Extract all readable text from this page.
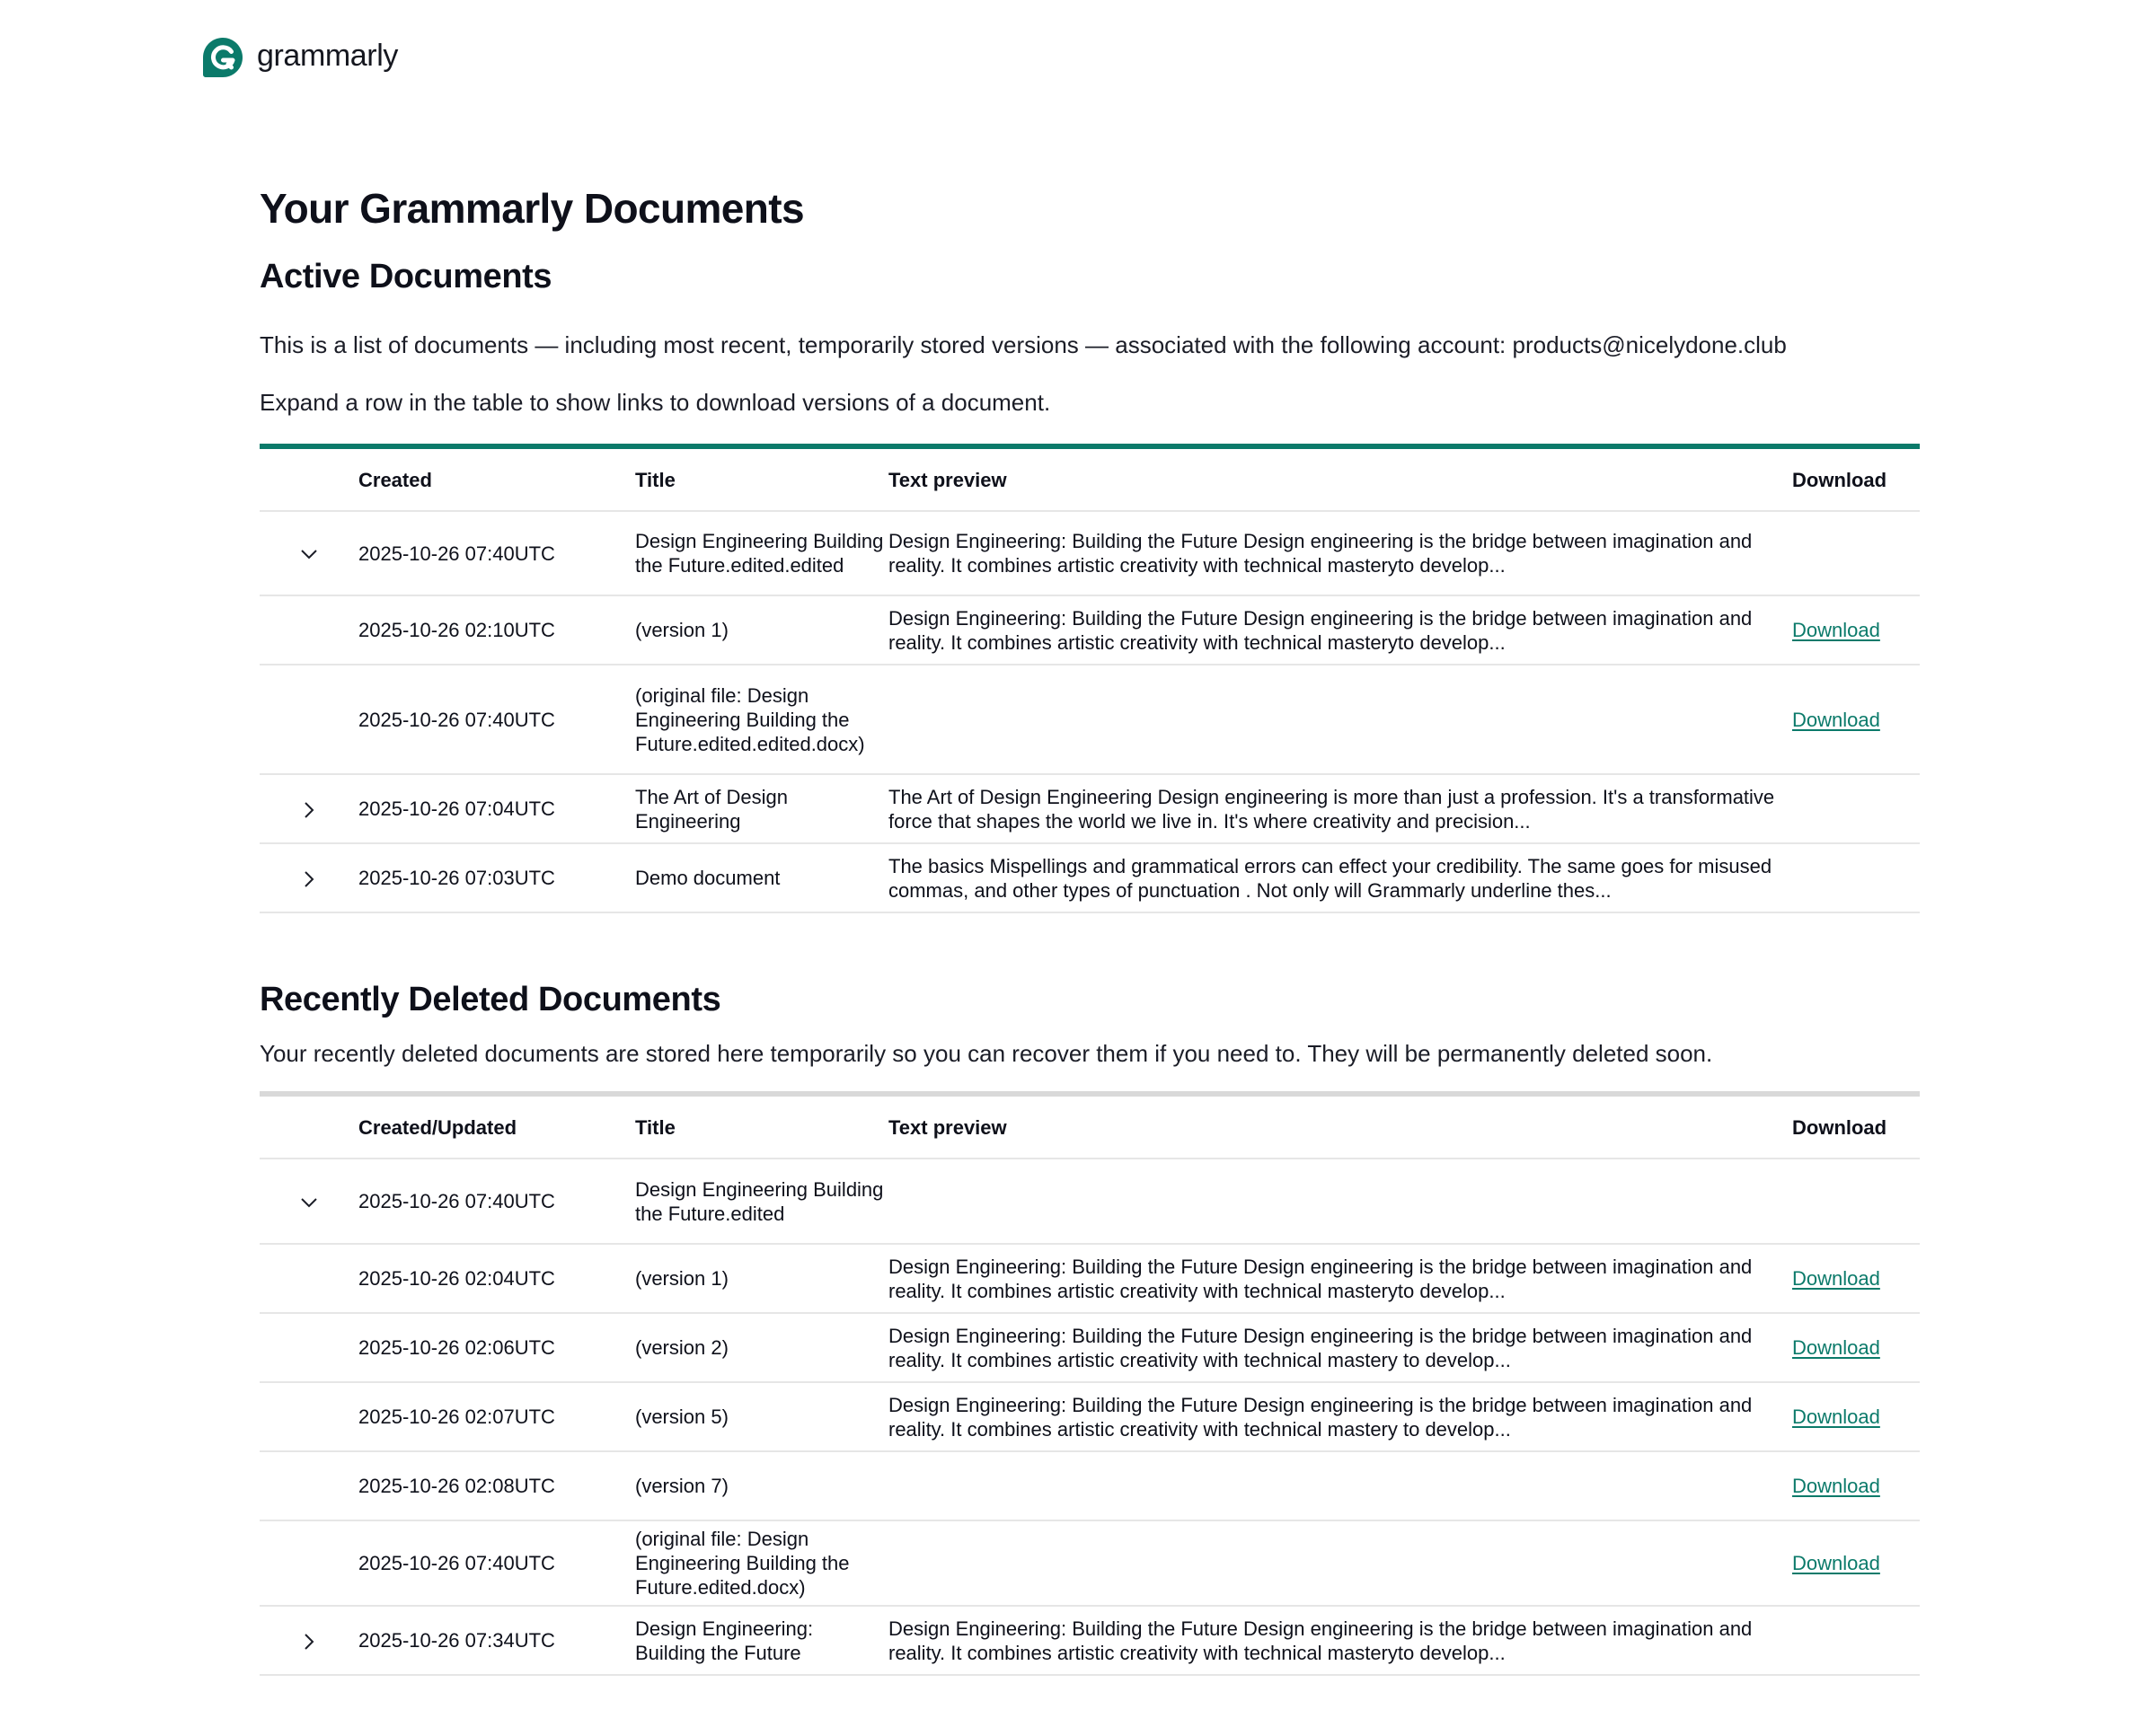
grammarly
Your Grammarly Documents
Active Documents

This is a list of documents — including most recent, temporarily stored versions — associated with the following account: products@nicelydone.club

Expand a row in the table to show links to download versions of a document.

	Created	Title	Text preview	Download
	2025-10-26 07:40UTC	Design Engineering Building the Future.edited.edited	Design Engineering: Building the Future Design engineering is the bridge between imagination and reality. It combines artistic creativity with technical masteryto develop...	
	2025-10-26 02:10UTC	(version 1)	Design Engineering: Building the Future Design engineering is the bridge between imagination and reality. It combines artistic creativity with technical masteryto develop...	Download
	2025-10-26 07:40UTC	(original file: Design Engineering Building the Future.edited.edited.docx)		Download
	2025-10-26 07:04UTC	The Art of Design Engineering	The Art of Design Engineering Design engineering is more than just a profession. It's a transformative force that shapes the world we live in. It's where creativity and precision...	
	2025-10-26 07:03UTC	Demo document	The basics Mispellings and grammatical errors can effect your credibility. The same goes for misused commas, and other types of punctuation . Not only will Grammarly underline thes...	
Recently Deleted Documents

Your recently deleted documents are stored here temporarily so you can recover them if you need to. They will be permanently deleted soon.

	Created/Updated	Title	Text preview	Download
	2025-10-26 07:40UTC	Design Engineering Building the Future.edited		
	2025-10-26 02:04UTC	(version 1)	Design Engineering: Building the Future Design engineering is the bridge between imagination and reality. It combines artistic creativity with technical masteryto develop...	Download
	2025-10-26 02:06UTC	(version 2)	Design Engineering: Building the Future Design engineering is the bridge between imagination and reality. It combines artistic creativity with technical mastery to develop...	Download
	2025-10-26 02:07UTC	(version 5)	Design Engineering: Building the Future Design engineering is the bridge between imagination and reality. It combines artistic creativity with technical mastery to develop...	Download
	2025-10-26 02:08UTC	(version 7)		Download
	2025-10-26 07:40UTC	(original file: Design Engineering Building the Future.edited.docx)		Download
	2025-10-26 07:34UTC	Design Engineering: Building the Future	Design Engineering: Building the Future Design engineering is the bridge between imagination and reality. It combines artistic creativity with technical masteryto develop...	
